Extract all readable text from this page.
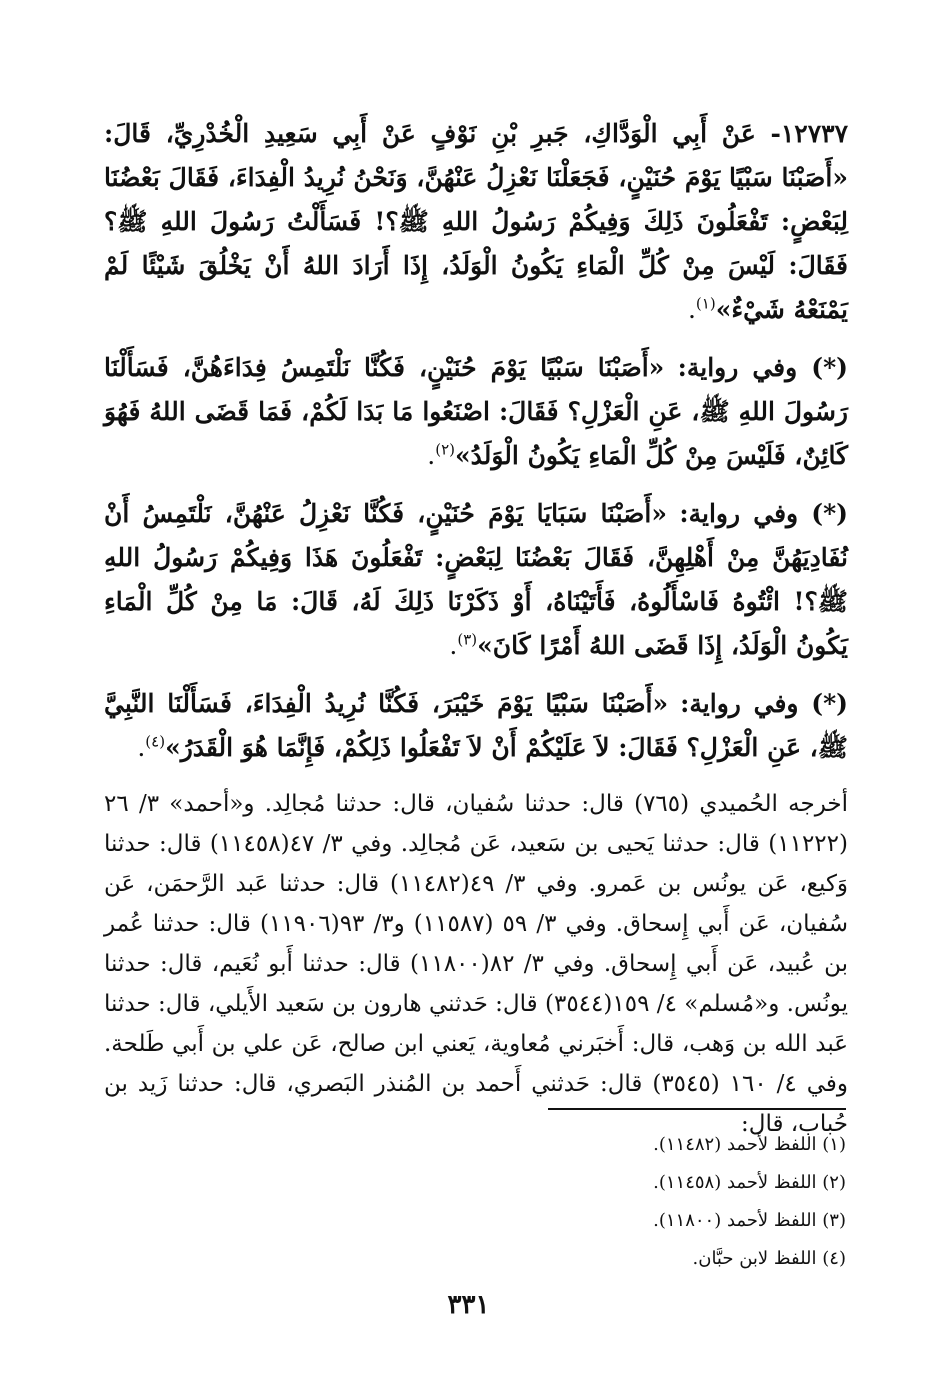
١٢٧٣٧- عَنْ أَبِي الْوَدَّاكِ، جَبرِ بْنِ نَوْفٍ عَنْ أَبِي سَعِيدِ الْخُدْرِيِّ، قَالَ: «أَصَبْنَا سَبْيًا يَوْمَ حُنَيْنٍ، فَجَعَلْنَا نَعْزِلُ عَنْهُنَّ، وَنَحْنُ نُرِيدُ الْفِدَاءَ، فَقَالَ بَعْضُنَا لِبَعْضٍ: تَفْعَلُونَ ذَلِكَ وَفِيكُمْ رَسُولُ اللهِ ﷺ؟! فَسَأَلْتُ رَسُولَ اللهِ ﷺ؟ فَقَالَ: لَيْسَ مِنْ كُلِّ الْمَاءِ يَكُونُ الْوَلَدُ، إِذَا أَرَادَ اللهُ أَنْ يَخْلُقَ شَيْئًا لَمْ يَمْنَعْهُ شَيْءٌ»$^{(١)}$.

(*) وفي رواية: «أَصَبْنَا سَبْيًا يَوْمَ حُنَيْنٍ، فَكُنَّا نَلْتَمِسُ فِدَاءَهُنَّ، فَسَأَلْنَا رَسُولَ اللهِ ﷺ، عَنِ الْعَزْلِ؟ فَقَالَ: اصْنَعُوا مَا بَدَا لَكُمْ، فَمَا قَضَى اللهُ فَهُوَ كَائِنٌ، فَلَيْسَ مِنْ كُلِّ الْمَاءِ يَكُونُ الْوَلَدُ»$^{(٢)}$.

(*) وفي رواية: «أَصَبْنَا سَبَايَا يَوْمَ حُنَيْنٍ، فَكُنَّا نَعْزِلُ عَنْهُنَّ، نَلْتَمِسُ أَنْ نُفَادِيَهُنَّ مِنْ أَهْلِهِنَّ، فَقَالَ بَعْضُنَا لِبَعْضٍ: تَفْعَلُونَ هَذَا وَفِيكُمْ رَسُولُ اللهِ ﷺ؟! ائْتُوهُ فَاسْأَلُوهُ، فَأَتَيْنَاهُ، أَوْ ذَكَرْنَا ذَلِكَ لَهُ، قَالَ: مَا مِنْ كُلِّ الْمَاءِ يَكُونُ الْوَلَدُ، إِذَا قَضَى اللهُ أَمْرًا كَانَ»$^{(٣)}$.

(*) وفي رواية: «أَصَبْنَا سَبْيًا يَوْمَ خَيْبَرَ، فَكُنَّا نُرِيدُ الْفِدَاءَ، فَسَأَلْنَا النَّبِيَّ ﷺ، عَنِ الْعَزْلِ؟ فَقَالَ: لاَ عَلَيْكُمْ أَنْ لاَ تَفْعَلُوا ذَلِكُمْ، فَإِنَّمَا هُوَ الْقَدَرُ»$^{(٤)}$.

أخرجه الحُميدي (٧٦٥) قال: حدثنا سُفيان، قال: حدثنا مُجالِد. و«أحمد» ٣/ ٢٦ (١١٢٢٢) قال: حدثنا يَحيى بن سَعيد، عَن مُجالِد. وفي ٣/ ٤٧(١١٤٥٨) قال: حدثنا وَكيع، عَن يونُس بن عَمرو. وفي ٣/ ٤٩(١١٤٨٢) قال: حدثنا عَبد الرَّحمَن، عَن سُفيان، عَن أَبي إِسحاق. وفي ٣/ ٥٩ (١١٥٨٧) و٣/ ٩٣(١١٩٠٦) قال: حدثنا عُمر بن عُبيد، عَن أَبي إِسحاق. وفي ٣/ ٨٢(١١٨٠٠) قال: حدثنا أَبو نُعَيم، قال: حدثنا يونُس. و«مُسلم» ٤/ ١٥٩(٣٥٤٤) قال: حَدثني هارون بن سَعيد الأَيلي، قال: حدثنا عَبد الله بن وَهب، قال: أَخبَرني مُعاوية، يَعني ابن صالح، عَن علي بن أَبي طَلحة. وفي ٤/ ١٦٠ (٣٥٤٥) قال: حَدثني أَحمد بن المُنذر البَصري، قال: حدثنا زَيد بن حُباب، قال:

(١) اللفظ لأحمد (١١٤٨٢).

(٢) اللفظ لأحمد (١١٤٥٨).

(٣) اللفظ لأحمد (١١٨٠٠).

(٤) اللفظ لابن حبَّان.

٣٣١
